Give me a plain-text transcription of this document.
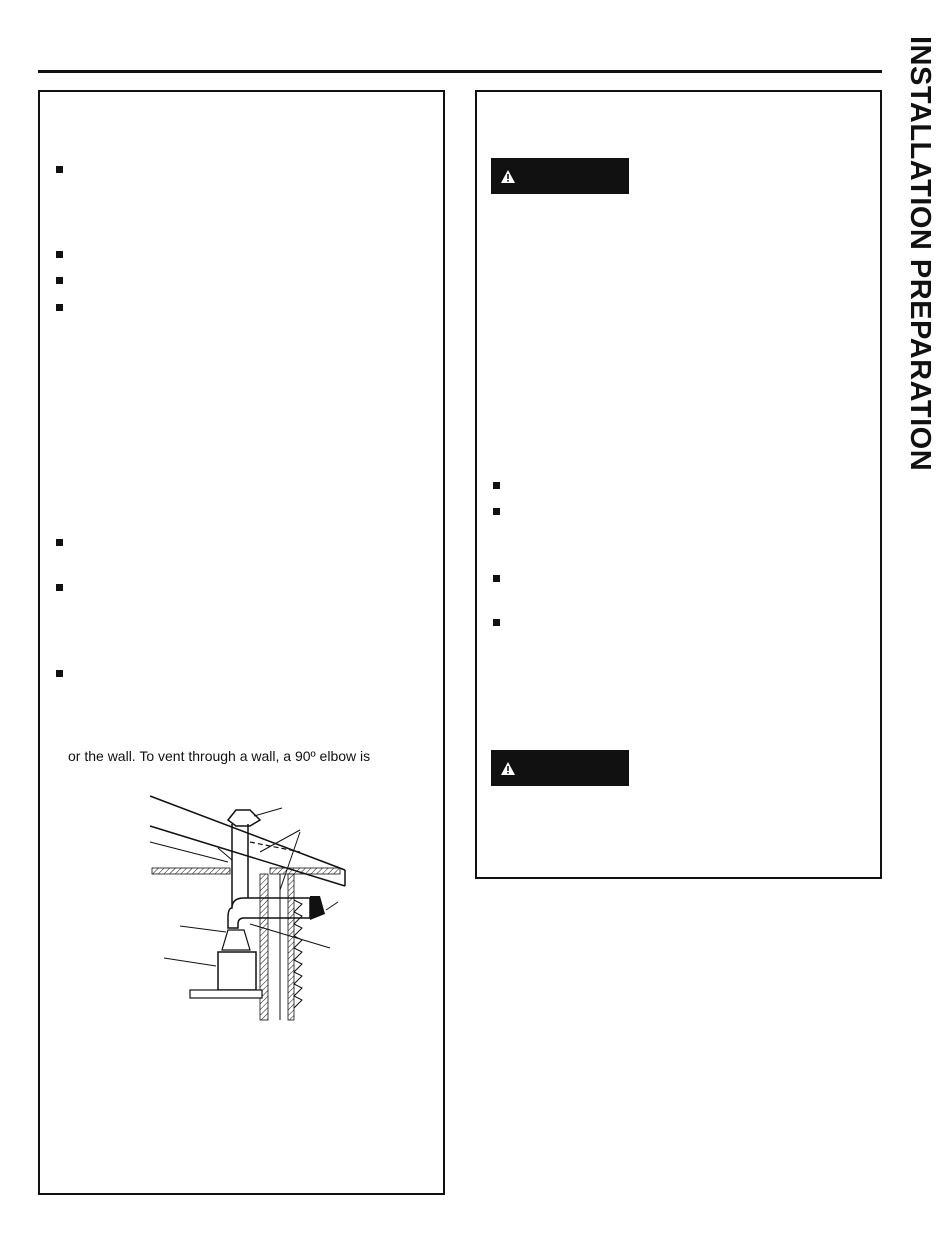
INSTALLATION PREPARATION
or the wall. To vent through a wall, a 90º elbow is
